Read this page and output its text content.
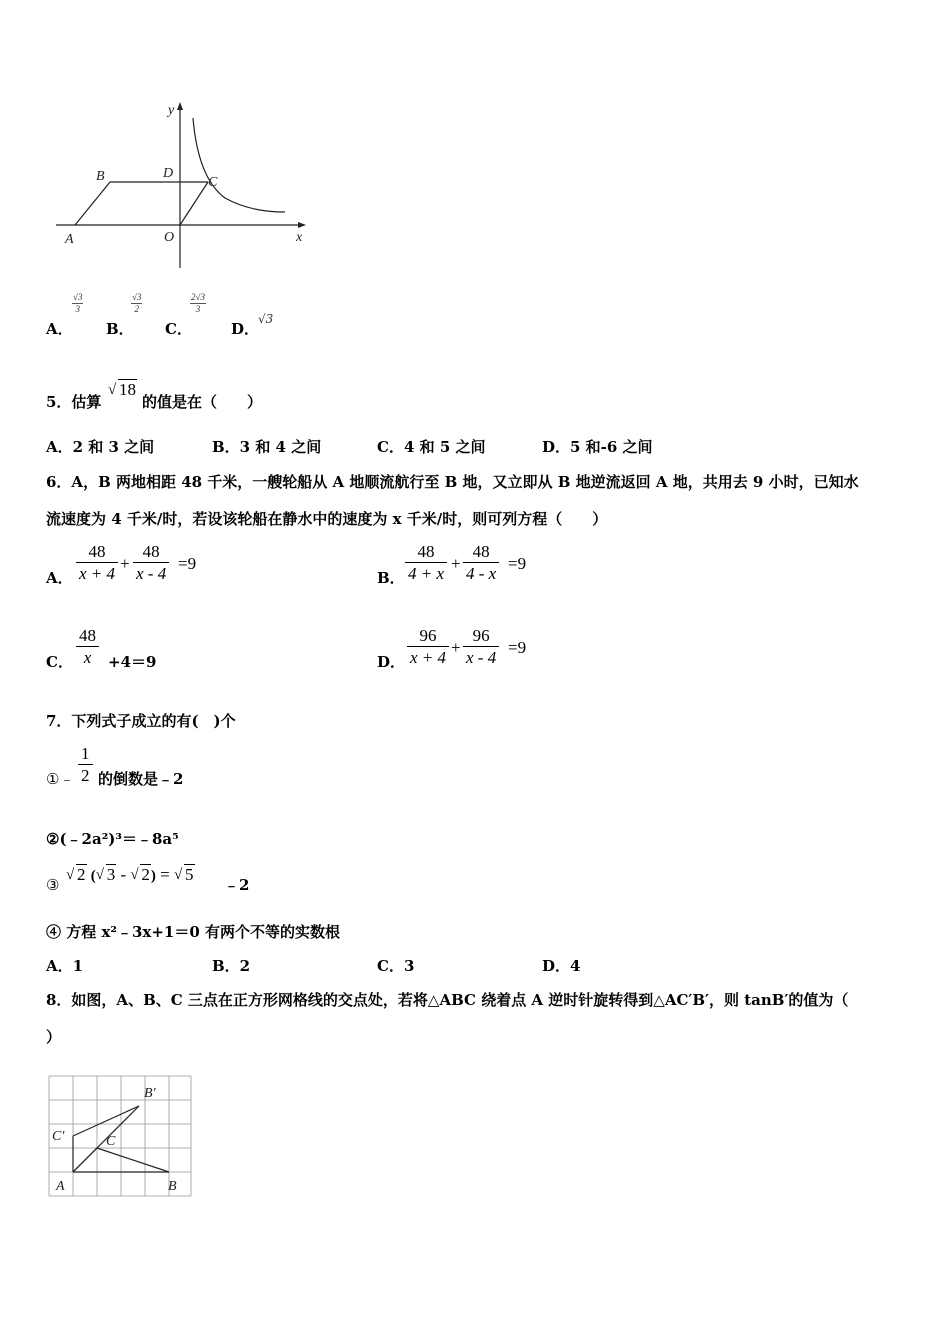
y
x
A
B	C
D
O
A．
$\frac{√3}{3}$
B．
$\frac{√3}{2}$
C．
$\frac{2√3}{3}$
D．
√3
5．估算
√ 18
的值是在（　　）
A．2 和 3 之间	B．3 和 4 之间	C．4 和 5 之间	D．5 和‑6 之间
6．A，B 两地相距 48 千米，一艘轮船从 A 地顺流航行至 B 地，又立即从 B 地逆流返回 A 地，共用去 9 小时，已知水
流速度为 4 千米/时，若设该轮船在静水中的速度为 x 千米/时，则可列方程（　　）
A． $\frac{48}{x + 4} + \frac{48}{x ‑ 4} =9$
B． $\frac{48}{4 + x} + \frac{48}{4 ‑ x} =9$
C． $\frac{48}{x} +4=9$	D． $\frac{96}{x + 4} + \frac{96}{x ‑ 4} =9$
7．下列式子成立的有(　)个
①﹣ $\frac{1}{2}$ 的倒数是﹣2
②(﹣2a²)³＝﹣8a⁵
③
√ 2 ( √ 3 ‑ √ 2) = √ 5
﹣2
④ 方程 x²﹣3x+1＝0 有两个不等的实数根
A．1	B．2	C．3	D．4
8．如图，A、B、C 三点在正方形网格线的交点处，若将△ABC 绕着点 A 逆时针旋转得到△AC′B′，则 tanB′的值为（
）
A	B
C
C′
B′
